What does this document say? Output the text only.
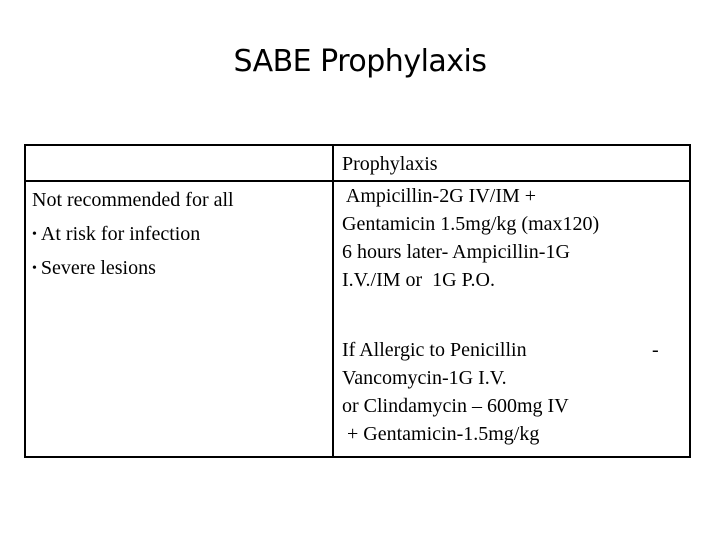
SABE Prophylaxis
Prophylaxis
Not recommended for all
• At risk for infection
• Severe lesions
Ampicillin-2G IV/IM +
Gentamicin 1.5mg/kg (max120)
6 hours later- Ampicillin-1G
I.V./IM or  1G P.O.
If Allergic to Penicillin
Vancomycin-1G I.V.
or Clindamycin – 600mg IV
+ Gentamicin-1.5mg/kg
-
